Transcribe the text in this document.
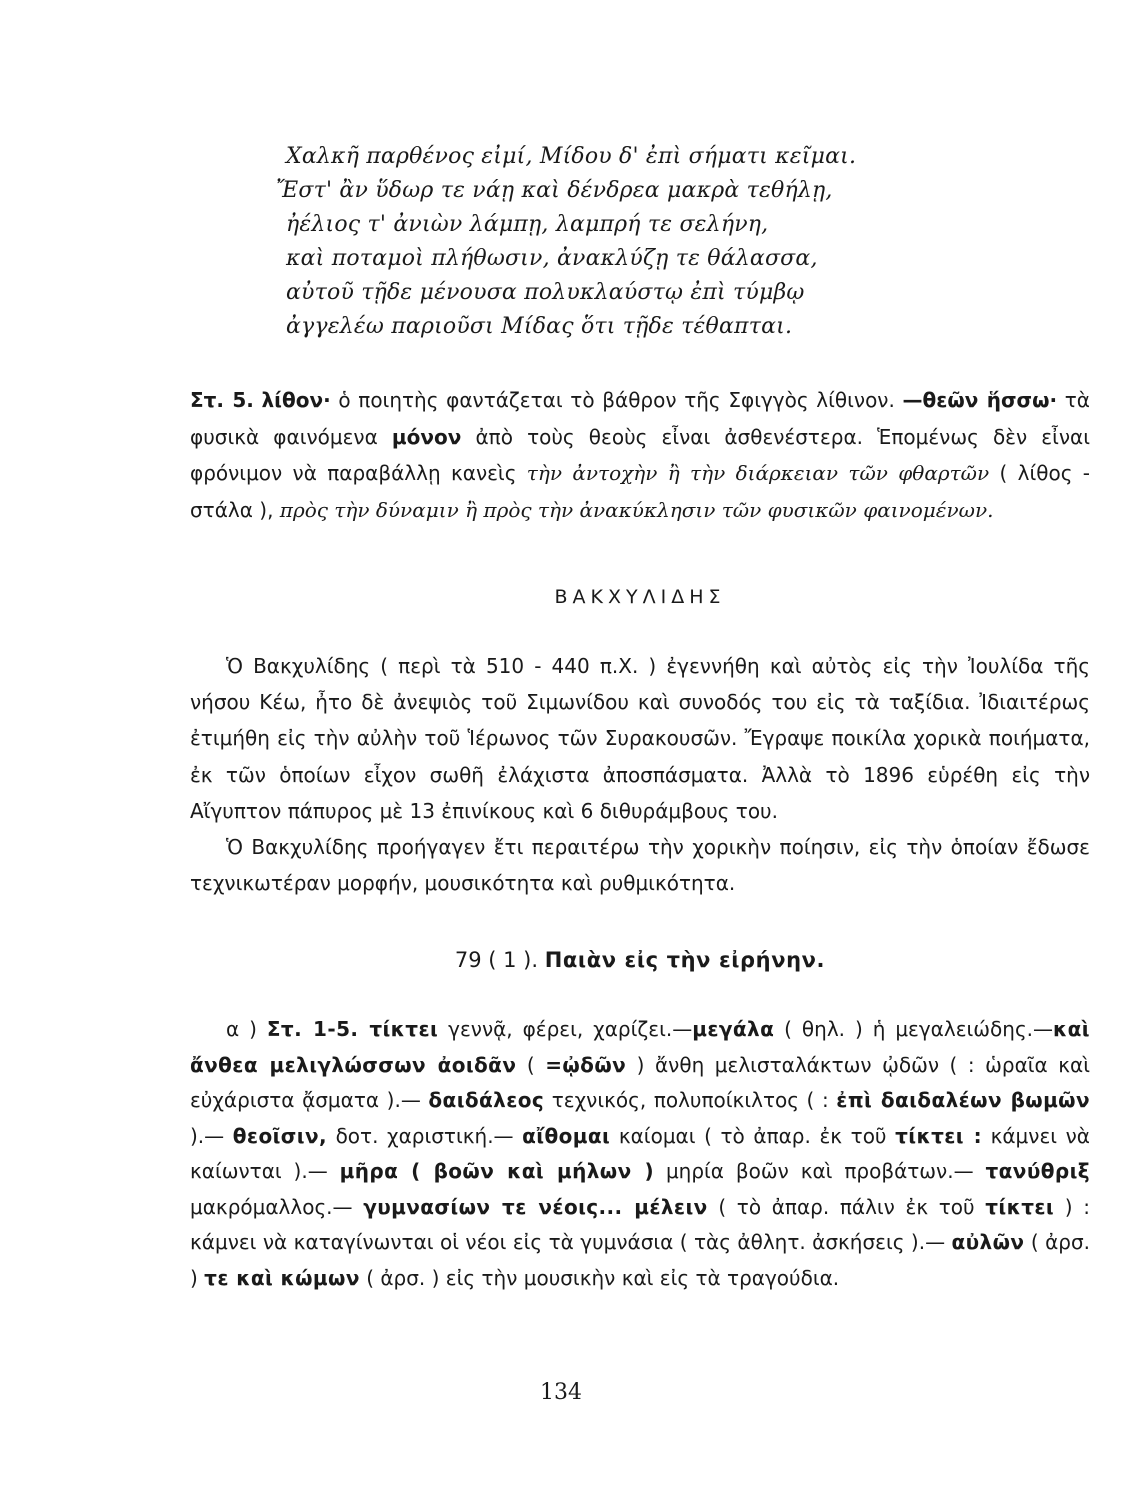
Χαλκῆ παρθένος εἰμί, Μίδου δ' ἐπὶ σήματι κεῖμαι.
Ἔστ' ἂν ὕδωρ τε νάῃ καὶ δένδρεα μακρὰ τεθήλῃ,
ἠέλιος τ' ἀνιὼν λάμπῃ, λαμπρή τε σελήνη,
καὶ ποταμοὶ πλήθωσιν, ἀνακλύζῃ τε θάλασσα,
αὐτοῦ τῇδε μένουσα πολυκλαύστῳ ἐπὶ τύμβῳ
ἀγγελέω παριοῦσι Μίδας ὅτι τῇδε τέθαπται.
Στ. 5. λίθον· ὁ ποιητὴς φαντάζεται τὸ βάθρον τῆς Σφιγγὸς λίθινον. —θεῶν ἥσσω· τὰ φυσικὰ φαινόμενα μόνον ἀπὸ τοὺς θεοὺς εἶναι ἀσθενέστερα. Ἑπομένως δὲν εἶναι φρόνιμον νὰ παραβάλλῃ κανεὶς τὴν ἀντοχὴν ἢ τὴν διάρκειαν τῶν φθαρτῶν ( λίθος - στάλα ), πρὸς τὴν δύναμιν ἢ πρὸς τὴν ἀνακύκλησιν τῶν φυσικῶν φαινομένων.
ΒΑΚΧΥΛΙΔΗΣ

Ὁ Βακχυλίδης ( περὶ τὰ 510 - 440 π.Χ. ) ἐγεννήθη καὶ αὐτὸς εἰς τὴν Ἰουλίδα τῆς νήσου Κέω, ἦτο δὲ ἀνεψιὸς τοῦ Σιμωνίδου καὶ συνοδός του εἰς τὰ ταξίδια. Ἰδιαιτέρως ἐτιμήθη εἰς τὴν αὐλὴν τοῦ Ἱέρωνος τῶν Συρακουσῶν. Ἔγραψε ποικίλα χορικὰ ποιήματα, ἐκ τῶν ὁποίων εἶχον σωθῆ ἐλάχιστα ἀποσπάσματα. Ἀλλὰ τὸ 1896 εὑρέθη εἰς τὴν Αἴγυπτον πάπυρος μὲ 13 ἐπινίκους καὶ 6 διθυράμβους του.

Ὁ Βακχυλίδης προήγαγεν ἔτι περαιτέρω τὴν χορικὴν ποίησιν, εἰς τὴν ὁποίαν ἔδωσε τεχνικωτέραν μορφήν, μουσικότητα καὶ ρυθμικότητα.

79 ( 1 ). Παιὰν εἰς τὴν εἰρήνην.

α ) Στ. 1-5. τίκτει γεννᾷ, φέρει, χαρίζει.—μεγάλα ( θηλ. ) ἡ μεγαλειώδης.—καὶ ἄνθεα μελιγλώσσων ἀοιδᾶν ( =ᾠδῶν ) ἄνθη μελισταλάκτων ᾠδῶν ( : ὡραῖα καὶ εὐχάριστα ᾄσματα ).— δαιδάλεος τεχνικός, πολυποίκιλτος ( : ἐπὶ δαιδαλέων βωμῶν ).— θεοῖσιν, δοτ. χαριστική.— αἴθομαι καίομαι ( τὸ ἀπαρ. ἐκ τοῦ τίκτει : κάμνει νὰ καίωνται ).— μῆρα ( βοῶν καὶ μήλων ) μηρία βοῶν καὶ προβάτων.— τανύθριξ μακρόμαλλος.— γυμνασίων τε νέοις... μέλειν ( τὸ ἀπαρ. πάλιν ἐκ τοῦ τίκτει ) : κάμνει νὰ καταγίνωνται οἱ νέοι εἰς τὰ γυμνάσια ( τὰς ἀθλητ. ἀσκήσεις ).— αὐλῶν ( ἀρσ. ) τε καὶ κώμων ( ἀρσ. ) εἰς τὴν μουσικὴν καὶ εἰς τὰ τραγούδια.

134
